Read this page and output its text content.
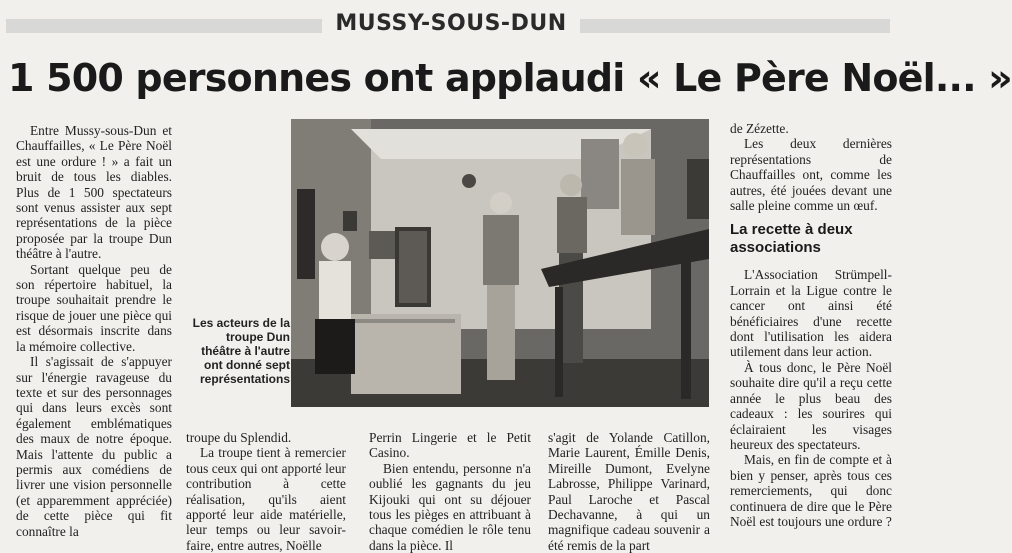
MUSSY-SOUS-DUN
1 500 personnes ont applaudi « Le Père Noël... »

Entre Mussy-sous-Dun et Chauffailles, « Le Père Noël est une ordure ! » a fait un bruit de tous les diables. Plus de 1 500 spectateurs sont venus assister aux sept représentations de la pièce proposée par la troupe Dun théâtre à l'autre.

Sortant quelque peu de son répertoire habituel, la troupe souhaitait prendre le risque de jouer une pièce qui est désormais inscrite dans la mémoire collective.

Il s'agissait de s'appuyer sur l'énergie ravageuse du texte et sur des personnages qui dans leurs excès sont également emblématiques des maux de notre époque. Mais l'attente du public a permis aux comédiens de livrer une vision personnelle (et apparemment appréciée) de cette pièce qui fit connaître la

Les acteurs de la troupe Dun théâtre à l'autre ont donné sept représentations

troupe du Splendid.

La troupe tient à remercier tous ceux qui ont apporté leur contribution à cette réalisation, qu'ils aient apporté leur aide matérielle, leur temps ou leur savoir-faire, entre autres, Noëlle

Perrin Lingerie et le Petit Casino.

Bien entendu, personne n'a oublié les gagnants du jeu Kijouki qui ont su déjouer tous les pièges en attribuant à chaque comédien le rôle tenu dans la pièce. Il

s'agit de Yolande Catillon, Marie Laurent, Émille Denis, Mireille Dumont, Evelyne Labrosse, Philippe Varinard, Paul Laroche et Pascal Dechavanne, à qui un magnifique cadeau souvenir a été remis de la part

de Zézette.

Les deux dernières représentations de Chauffailles ont, comme les autres, été jouées devant une salle pleine comme un œuf.

La recette à deux associations

L'Association Strümpell-Lorrain et la Ligue contre le cancer ont ainsi été bénéficiaires d'une recette dont l'utilisation les aidera utilement dans leur action.

À tous donc, le Père Noël souhaite dire qu'il a reçu cette année le plus beau des cadeaux : les sourires qui éclairaient les visages heureux des spectateurs.

Mais, en fin de compte et à bien y penser, après tous ces remerciements, qui donc continuera de dire que le Père Noël est toujours une ordure ?
